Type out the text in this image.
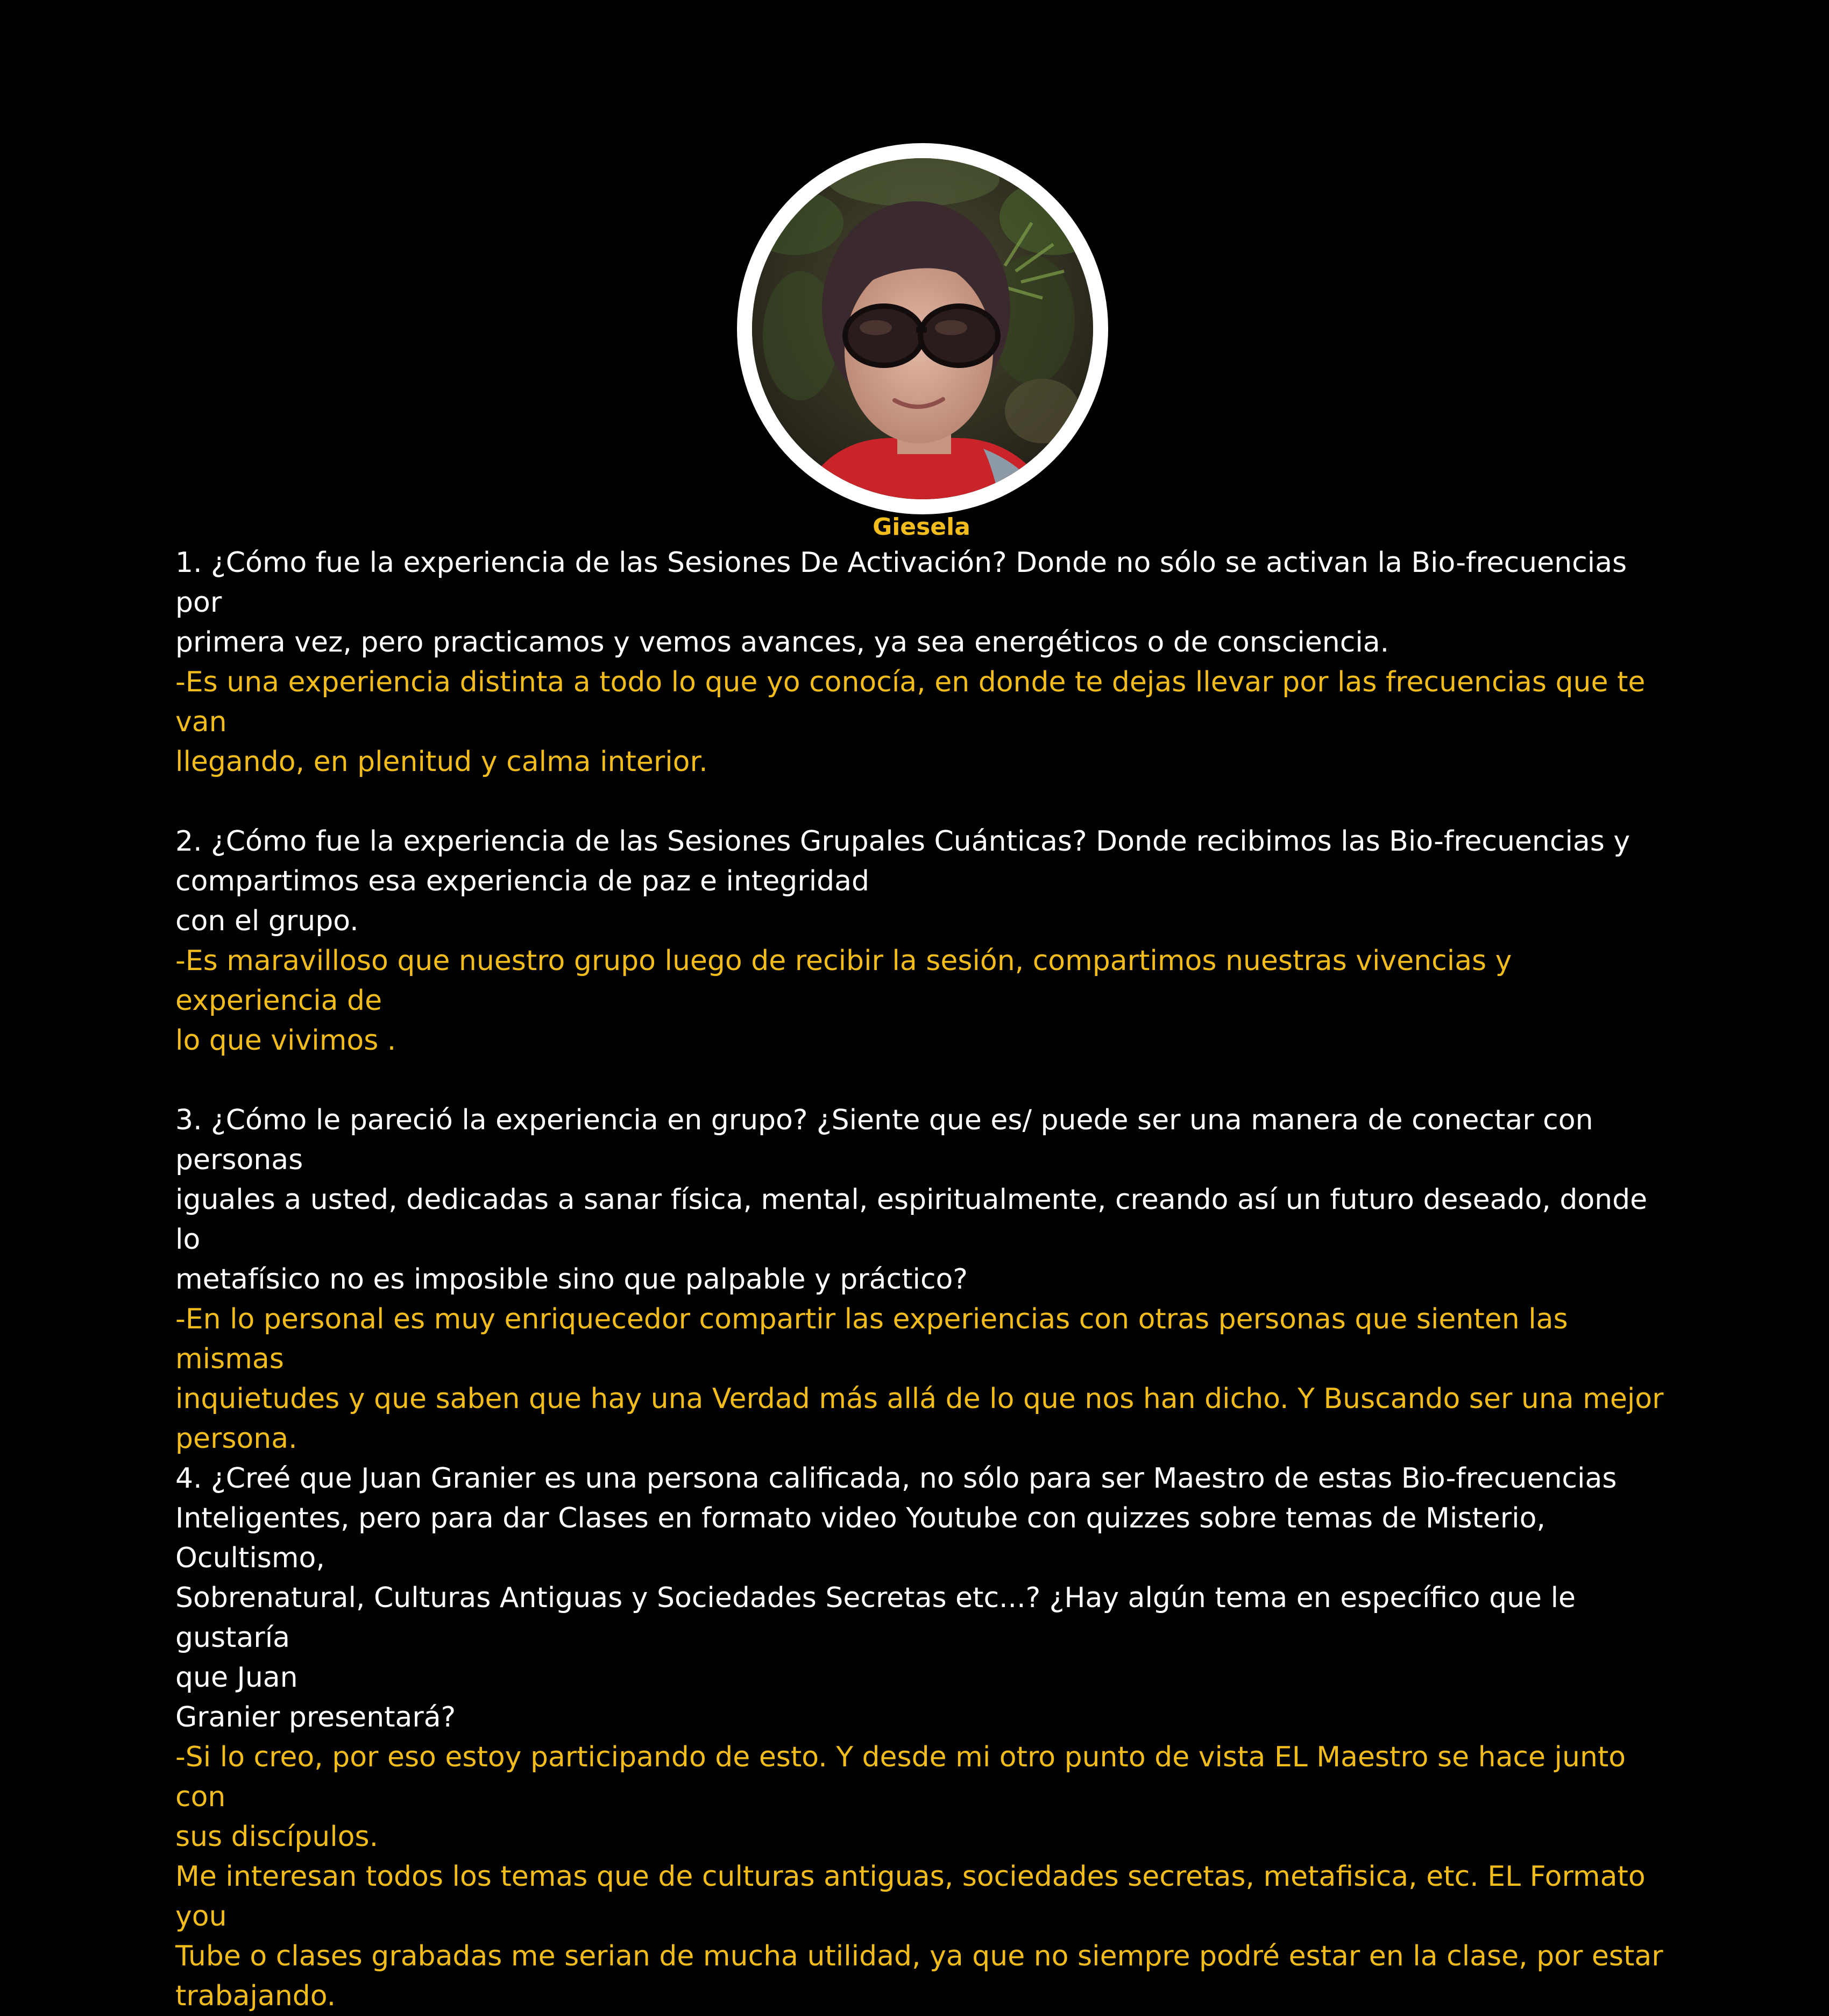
Giesela

1. ¿Cómo fue la experiencia de las Sesiones De Activación? Donde no sólo se activan la Bio-frecuencias por
primera vez, pero practicamos y vemos avances, ya sea energéticos o de consciencia.

-Es una experiencia distinta a todo lo que yo conocía, en donde te dejas llevar por las frecuencias que te van
llegando, en plenitud y calma interior.

2. ¿Cómo fue la experiencia de las Sesiones Grupales Cuánticas? Donde recibimos las Bio-frecuencias y
compartimos esa experiencia de paz e integridad
con el grupo.

-Es maravilloso que nuestro grupo luego de recibir la sesión, compartimos nuestras vivencias y experiencia de
lo que vivimos .

3. ¿Cómo le pareció la experiencia en grupo? ¿Siente que es/ puede ser una manera de conectar con personas
iguales a usted, dedicadas a sanar física, mental, espiritualmente, creando así un futuro deseado, donde lo
metafísico no es imposible sino que palpable y práctico?

-En lo personal es muy enriquecedor compartir las experiencias con otras personas que sienten las mismas
inquietudes y que saben que hay una Verdad más allá de lo que nos han dicho. Y Buscando ser una mejor
persona.

4. ¿Creé que Juan Granier es una persona calificada, no sólo para ser Maestro de estas Bio-frecuencias
Inteligentes, pero para dar Clases en formato video Youtube con quizzes sobre temas de Misterio, Ocultismo,
Sobrenatural, Culturas Antiguas y Sociedades Secretas etc...? ¿Hay algún tema en específico que le gustaría
que Juan
Granier presentará?

-Si lo creo, por eso estoy participando de esto. Y desde mi otro punto de vista EL Maestro se hace junto con
sus discípulos.

Me interesan todos los temas que de culturas antiguas, sociedades secretas, metafisica, etc. EL Formato you
Tube o clases grabadas me serian de mucha utilidad, ya que no siempre podré estar en la clase, por estar
trabajando.
